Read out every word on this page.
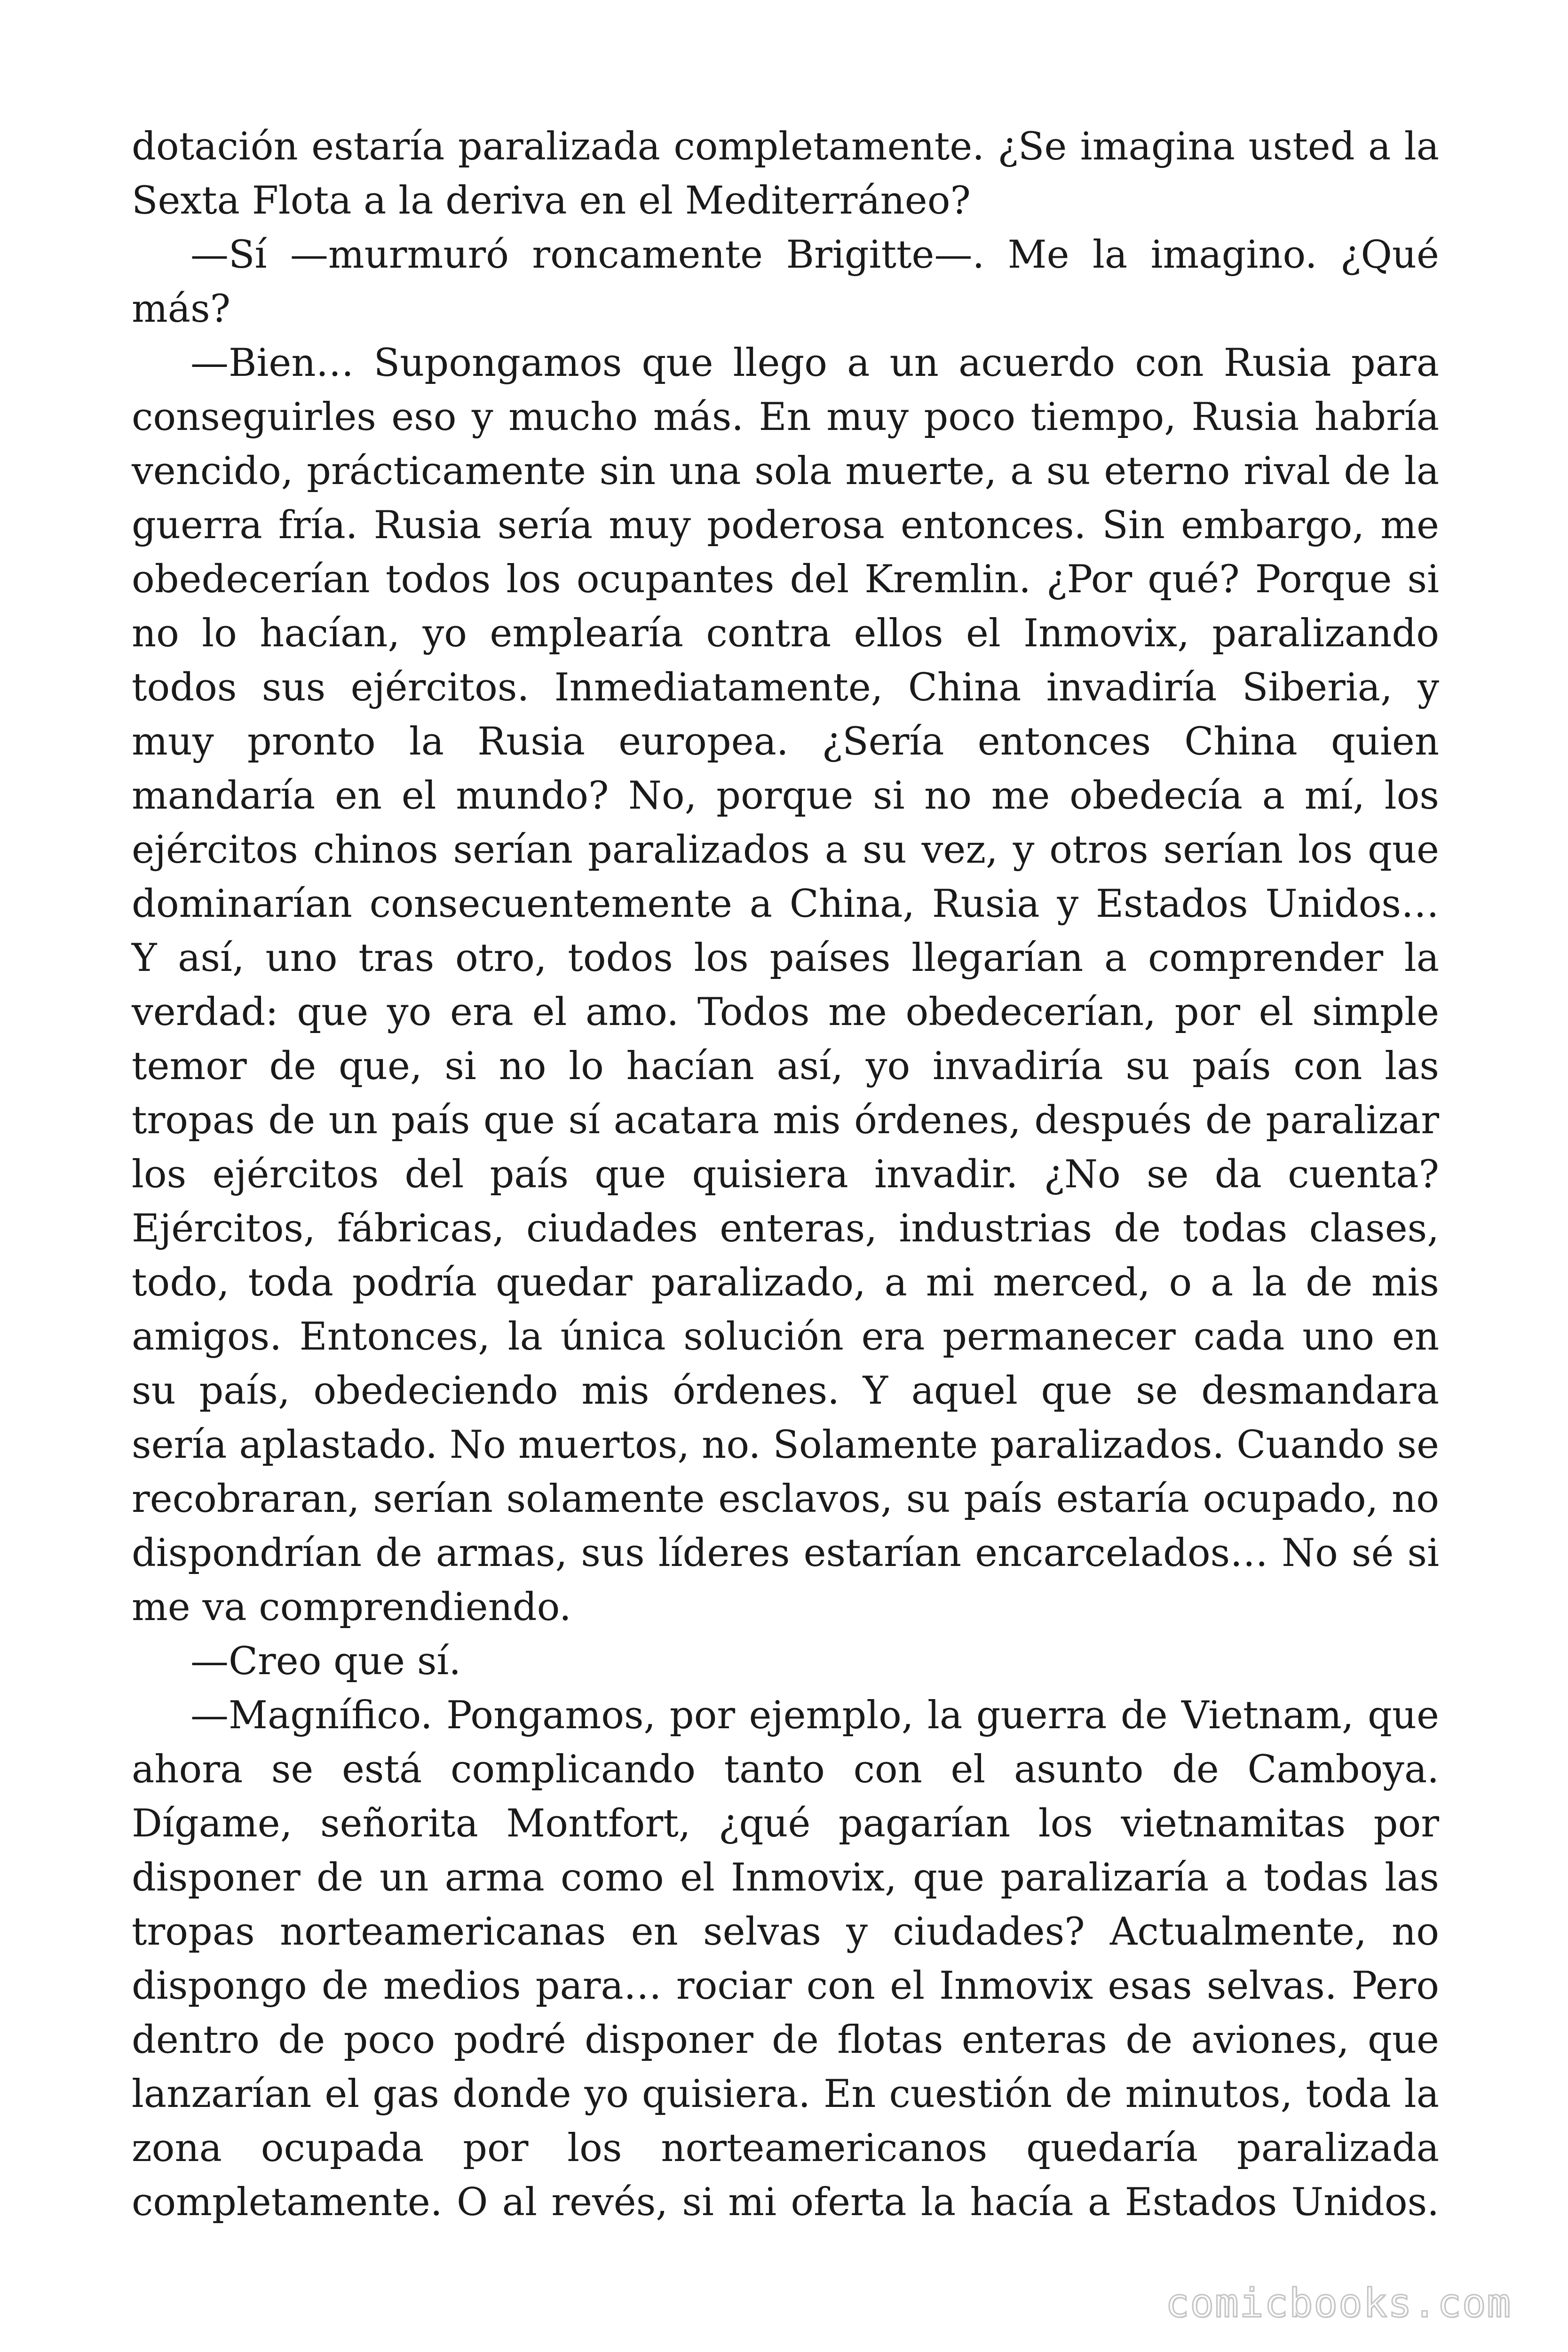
dotación estaría paralizada completamente. ¿Se imagina usted a la Sexta Flota a la deriva en el Mediterráneo?

—Sí —murmuró roncamente Brigitte—. Me la imagino. ¿Qué más?

—Bien… Supongamos que llego a un acuerdo con Rusia para conseguirles eso y mucho más. En muy poco tiempo, Rusia habría vencido, prácticamente sin una sola muerte, a su eterno rival de la guerra fría. Rusia sería muy poderosa entonces. Sin embargo, me obedecerían todos los ocupantes del Kremlin. ¿Por qué? Porque si no lo hacían, yo emplearía contra ellos el Inmovix, paralizando todos sus ejércitos. Inmediatamente, China invadiría Siberia, y muy pronto la Rusia europea. ¿Sería entonces China quien mandaría en el mundo? No, porque si no me obedecía a mí, los ejércitos chinos serían paralizados a su vez, y otros serían los que dominarían consecuentemente a China, Rusia y Estados Unidos… Y así, uno tras otro, todos los países llegarían a comprender la verdad: que yo era el amo. Todos me obedecerían, por el simple temor de que, si no lo hacían así, yo invadiría su país con las tropas de un país que sí acatara mis órdenes, después de paralizar los ejércitos del país que quisiera invadir. ¿No se da cuenta? Ejércitos, fábricas, ciudades enteras, industrias de todas clases, todo, toda podría quedar paralizado, a mi merced, o a la de mis amigos. Entonces, la única solución era permanecer cada uno en su país, obedeciendo mis órdenes. Y aquel que se desmandara sería aplastado. No muertos, no. Solamente paralizados. Cuando se recobraran, serían solamente esclavos, su país estaría ocupado, no dispondrían de armas, sus líderes estarían encarcelados… No sé si me va comprendiendo.

—Creo que sí.

—Magnífico. Pongamos, por ejemplo, la guerra de Vietnam, que ahora se está complicando tanto con el asunto de Camboya. Dígame, señorita Montfort, ¿qué pagarían los vietnamitas por disponer de un arma como el Inmovix, que paralizaría a todas las tropas norteamericanas en selvas y ciudades? Actualmente, no dispongo de medios para… rociar con el Inmovix esas selvas. Pero dentro de poco podré disponer de flotas enteras de aviones, que lanzarían el gas donde yo quisiera. En cuestión de minutos, toda la zona ocupada por los norteamericanos quedaría paralizada completamente. O al revés, si mi oferta la hacía a Estados Unidos.

comicbooks.com
